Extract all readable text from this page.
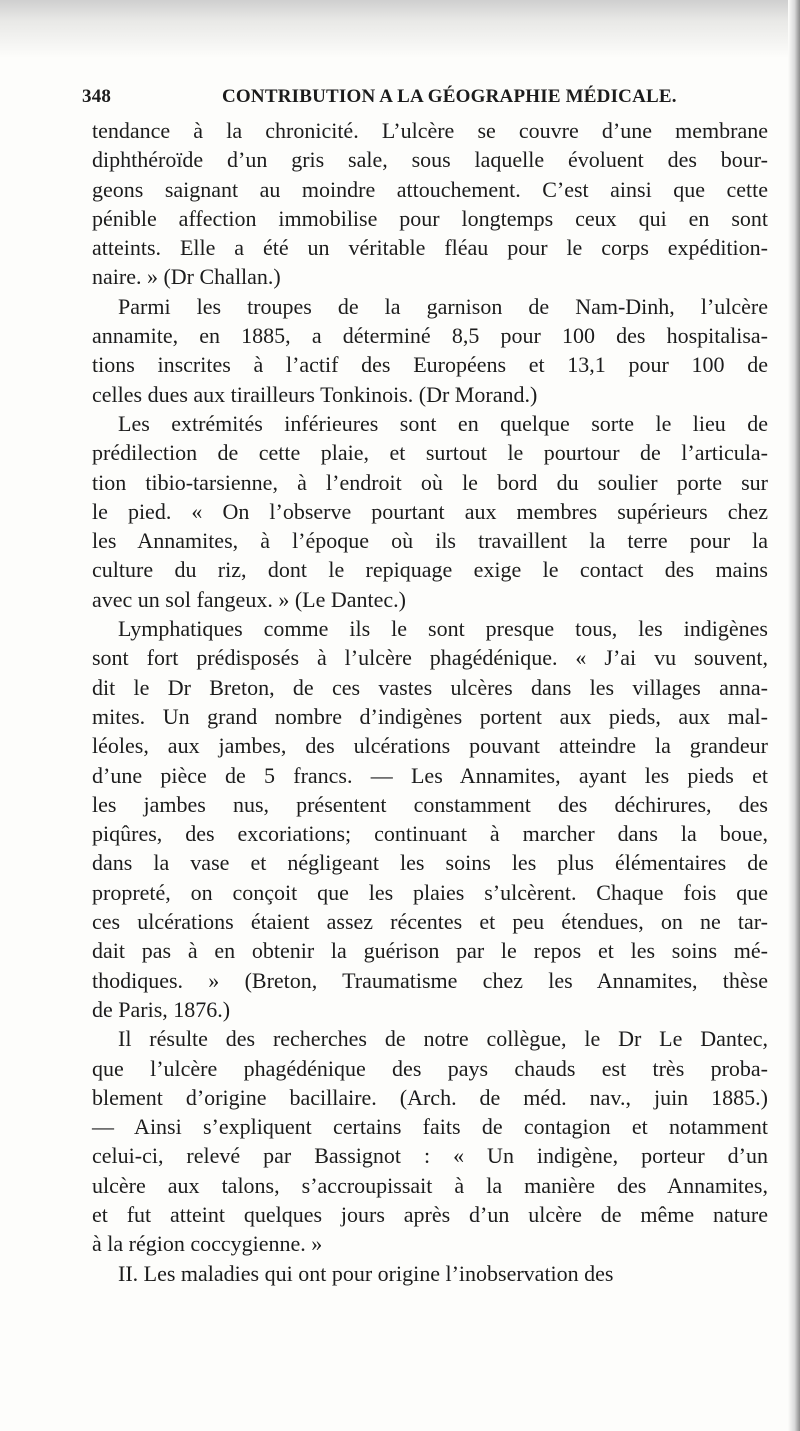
348	CONTRIBUTION A LA GÉOGRAPHIE MÉDICALE.
tendance à la chronicité. L’ulcère se couvre d’une membrane
diphthéroïde d’un gris sale, sous laquelle évoluent des bour-
geons saignant au moindre attouchement. C’est ainsi que cette
pénible affection immobilise pour longtemps ceux qui en sont
atteints. Elle a été un véritable fléau pour le corps expédition-
naire. » (Dr Challan.)
Parmi les troupes de la garnison de Nam-Dinh, l’ulcère
annamite, en 1885, a déterminé 8,5 pour 100 des hospitalisa-
tions inscrites à l’actif des Européens et 13,1 pour 100 de
celles dues aux tirailleurs Tonkinois. (Dr Morand.)
Les extrémités inférieures sont en quelque sorte le lieu de
prédilection de cette plaie, et surtout le pourtour de l’articula-
tion tibio-tarsienne, à l’endroit où le bord du soulier porte sur
le pied. « On l’observe pourtant aux membres supérieurs chez
les Annamites, à l’époque où ils travaillent la terre pour la
culture du riz, dont le repiquage exige le contact des mains
avec un sol fangeux. » (Le Dantec.)
Lymphatiques comme ils le sont presque tous, les indigènes
sont fort prédisposés à l’ulcère phagédénique. « J’ai vu souvent,
dit le Dr Breton, de ces vastes ulcères dans les villages anna-
mites. Un grand nombre d’indigènes portent aux pieds, aux mal-
léoles, aux jambes, des ulcérations pouvant atteindre la grandeur
d’une pièce de 5 francs. — Les Annamites, ayant les pieds et
les jambes nus, présentent constamment des déchirures, des
piqûres, des excoriations; continuant à marcher dans la boue,
dans la vase et négligeant les soins les plus élémentaires de
propreté, on conçoit que les plaies s’ulcèrent. Chaque fois que
ces ulcérations étaient assez récentes et peu étendues, on ne tar-
dait pas à en obtenir la guérison par le repos et les soins mé-
thodiques. » (Breton, Traumatisme chez les Annamites, thèse
de Paris, 1876.)
Il résulte des recherches de notre collègue, le Dr Le Dantec,
que l’ulcère phagédénique des pays chauds est très proba-
blement d’origine bacillaire. (Arch. de méd. nav., juin 1885.)
— Ainsi s’expliquent certains faits de contagion et notamment
celui-ci, relevé par Bassignot : « Un indigène, porteur d’un
ulcère aux talons, s’accroupissait à la manière des Annamites,
et fut atteint quelques jours après d’un ulcère de même nature
à la région coccygienne. »
II. Les maladies qui ont pour origine l’inobservation des
